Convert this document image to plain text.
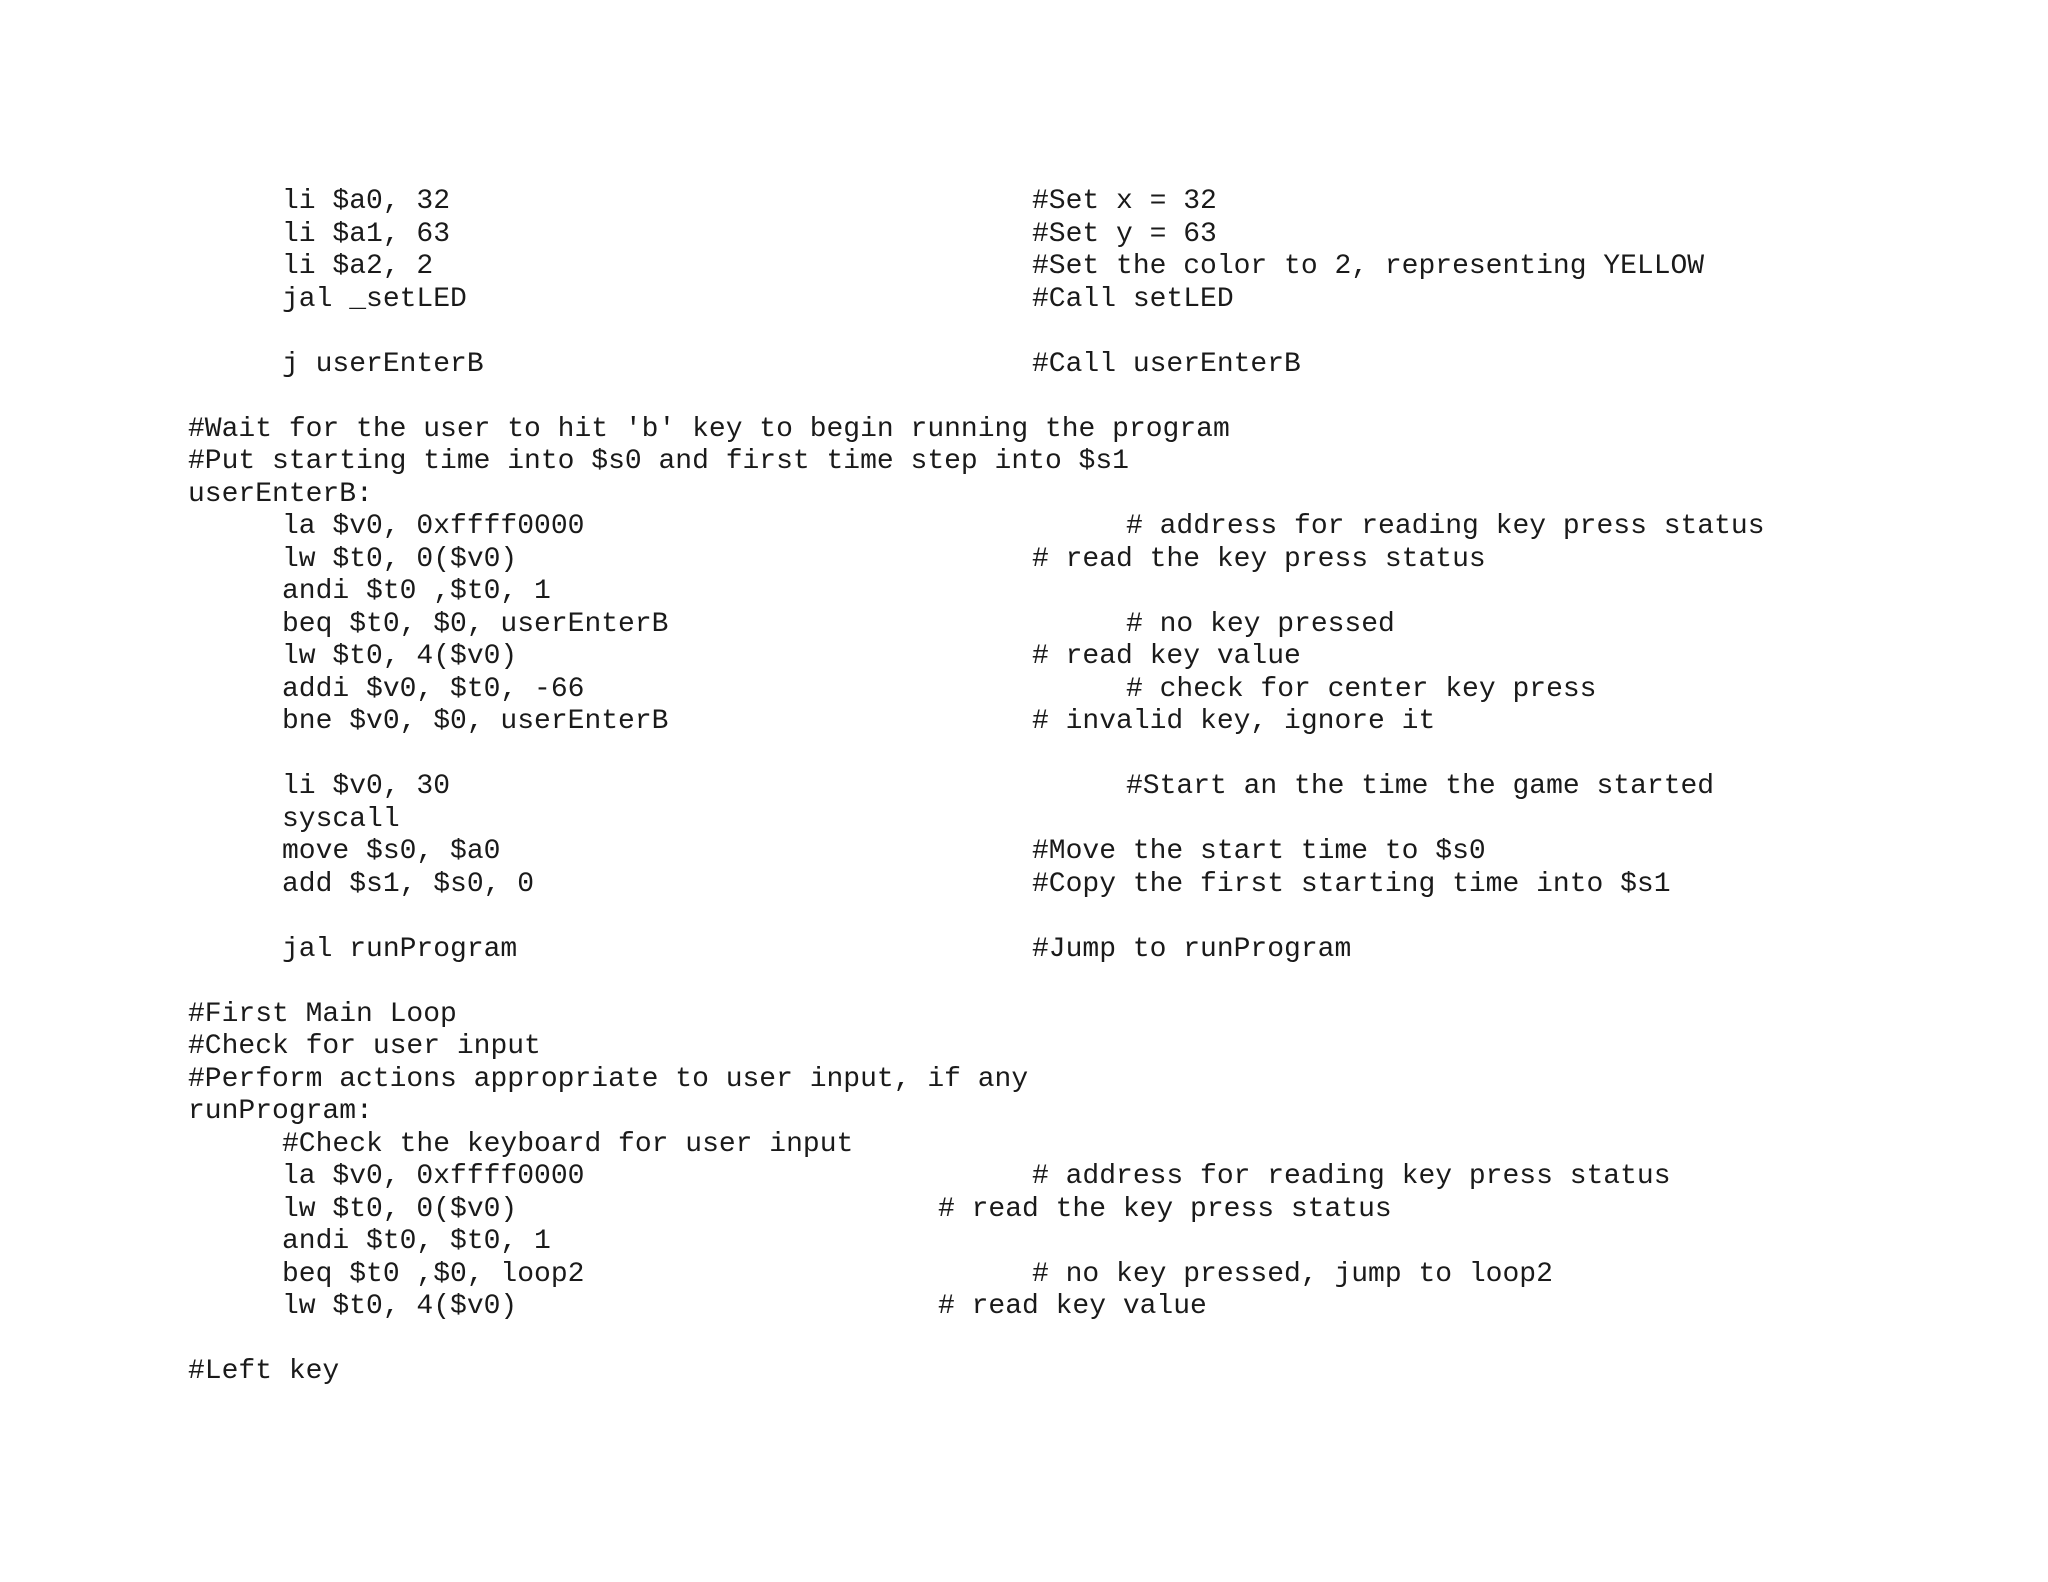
li $a0, 32	#Set x = 32
li $a1, 63	#Set y = 63
li $a2, 2	#Set the color to 2, representing YELLOW
jal _setLED	#Call setLED
j userEnterB	#Call userEnterB
#Wait for the user to hit 'b' key to begin running the program
#Put starting time into $s0 and first time step into $s1
userEnterB:
la $v0, 0xffff0000	# address for reading key press status
lw $t0, 0($v0)	# read the key press status
andi $t0 ,$t0, 1
beq $t0, $0, userEnterB	# no key pressed
lw $t0, 4($v0)	# read key value
addi $v0, $t0, -66	# check for center key press
bne $v0, $0, userEnterB	# invalid key, ignore it
li $v0, 30	#Start an the time the game started
syscall
move $s0, $a0	#Move the start time to $s0
add $s1, $s0, 0	#Copy the first starting time into $s1
jal runProgram	#Jump to runProgram
#First Main Loop
#Check for user input
#Perform actions appropriate to user input, if any
runProgram:
#Check the keyboard for user input
la $v0, 0xffff0000	# address for reading key press status
lw $t0, 0($v0)	# read the key press status
andi $t0, $t0, 1
beq $t0 ,$0, loop2	# no key pressed, jump to loop2
lw $t0, 4($v0)	# read key value
#Left key
